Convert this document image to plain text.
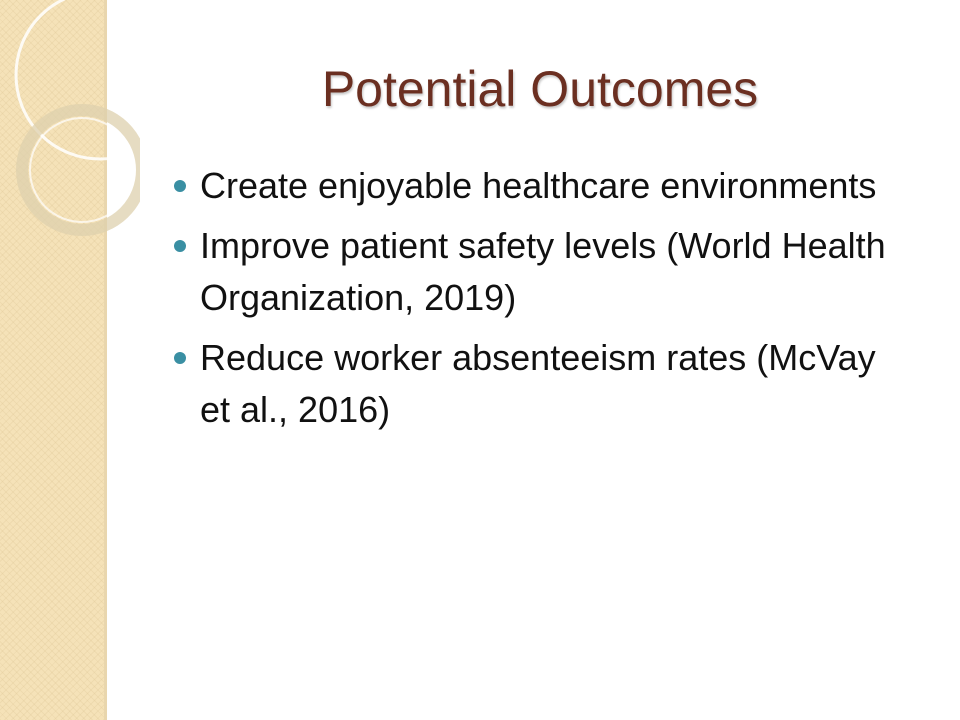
Potential Outcomes
Create enjoyable healthcare environments
Improve patient safety levels (World Health Organization, 2019)
Reduce worker absenteeism rates (McVay et al., 2016)
